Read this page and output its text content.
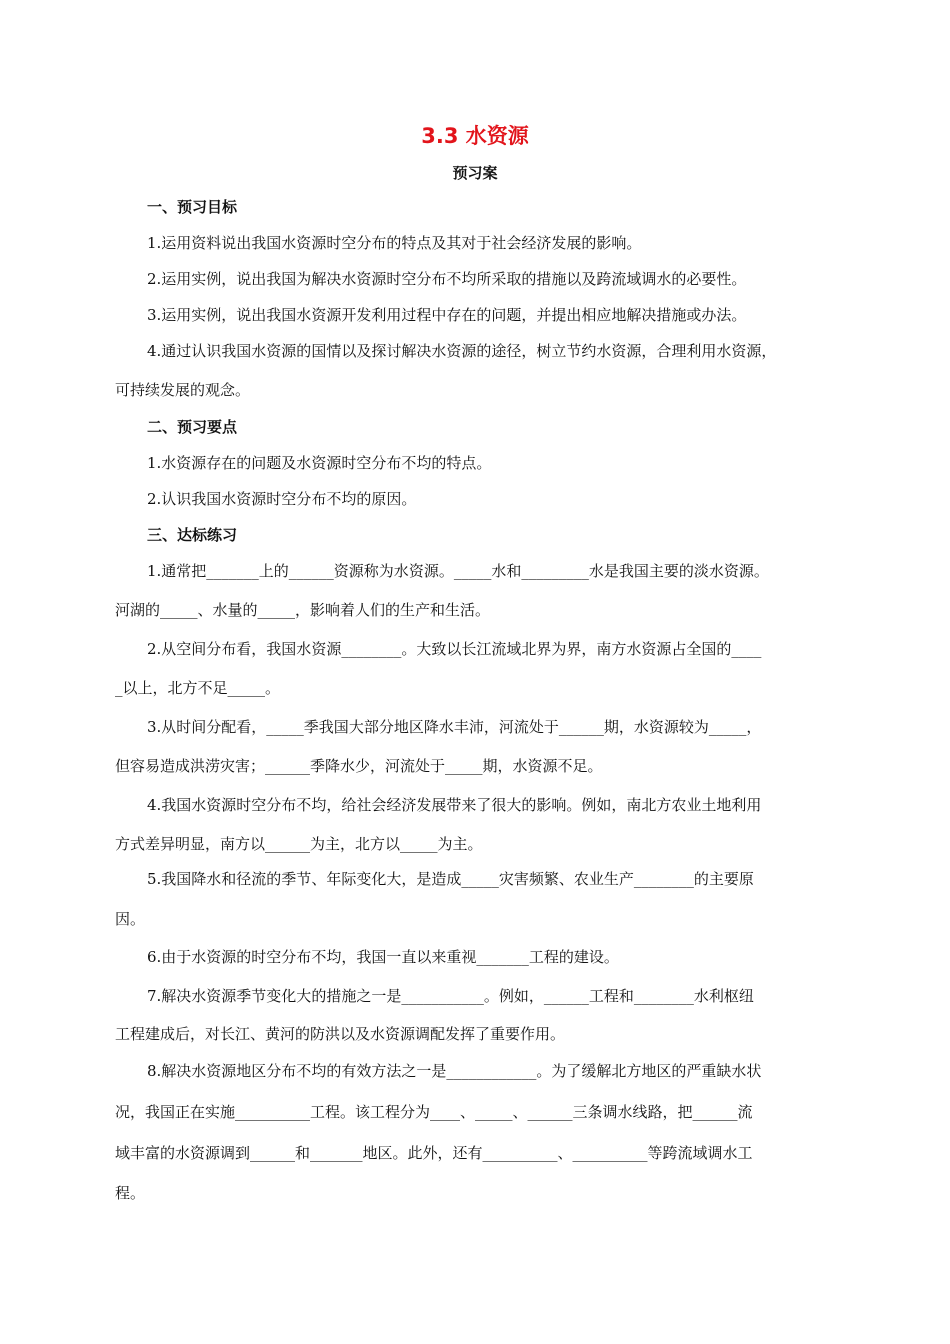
3.3 水资源
预习案
一、预习目标
1.运用资料说出我国水资源时空分布的特点及其对于社会经济发展的影响。
2.运用实例，说出我国为解决水资源时空分布不均所采取的措施以及跨流域调水的必要性。
3.运用实例，说出我国水资源开发利用过程中存在的问题，并提出相应地解决措施或办法。
4.通过认识我国水资源的国情以及探讨解决水资源的途径，树立节约水资源，合理利用水资源，
可持续发展的观念。
二、预习要点
1.水资源存在的问题及水资源时空分布不均的特点。
2.认识我国水资源时空分布不均的原因。
三、达标练习
1.通常把_______上的______资源称为水资源。_____水和_________水是我国主要的淡水资源。
河湖的_____、水量的_____，影响着人们的生产和生活。
2.从空间分布看，我国水资源________。大致以长江流域北界为界，南方水资源占全国的____
_以上，北方不足_____。
3.从时间分配看，_____季我国大部分地区降水丰沛，河流处于______期，水资源较为_____，
但容易造成洪涝灾害；______季降水少，河流处于_____期，水资源不足。
4.我国水资源时空分布不均，给社会经济发展带来了很大的影响。例如，南北方农业土地利用
方式差异明显，南方以______为主，北方以_____为主。
5.我国降水和径流的季节、年际变化大，是造成_____灾害频繁、农业生产________的主要原
因。
6.由于水资源的时空分布不均，我国一直以来重视_______工程的建设。
7.解决水资源季节变化大的措施之一是___________。例如，______工程和________水利枢纽
工程建成后，对长江、黄河的防洪以及水资源调配发挥了重要作用。
8.解决水资源地区分布不均的有效方法之一是____________。为了缓解北方地区的严重缺水状
况，我国正在实施__________工程。该工程分为____、_____、______三条调水线路，把______流
域丰富的水资源调到______和_______地区。此外，还有__________、__________等跨流域调水工
程。
